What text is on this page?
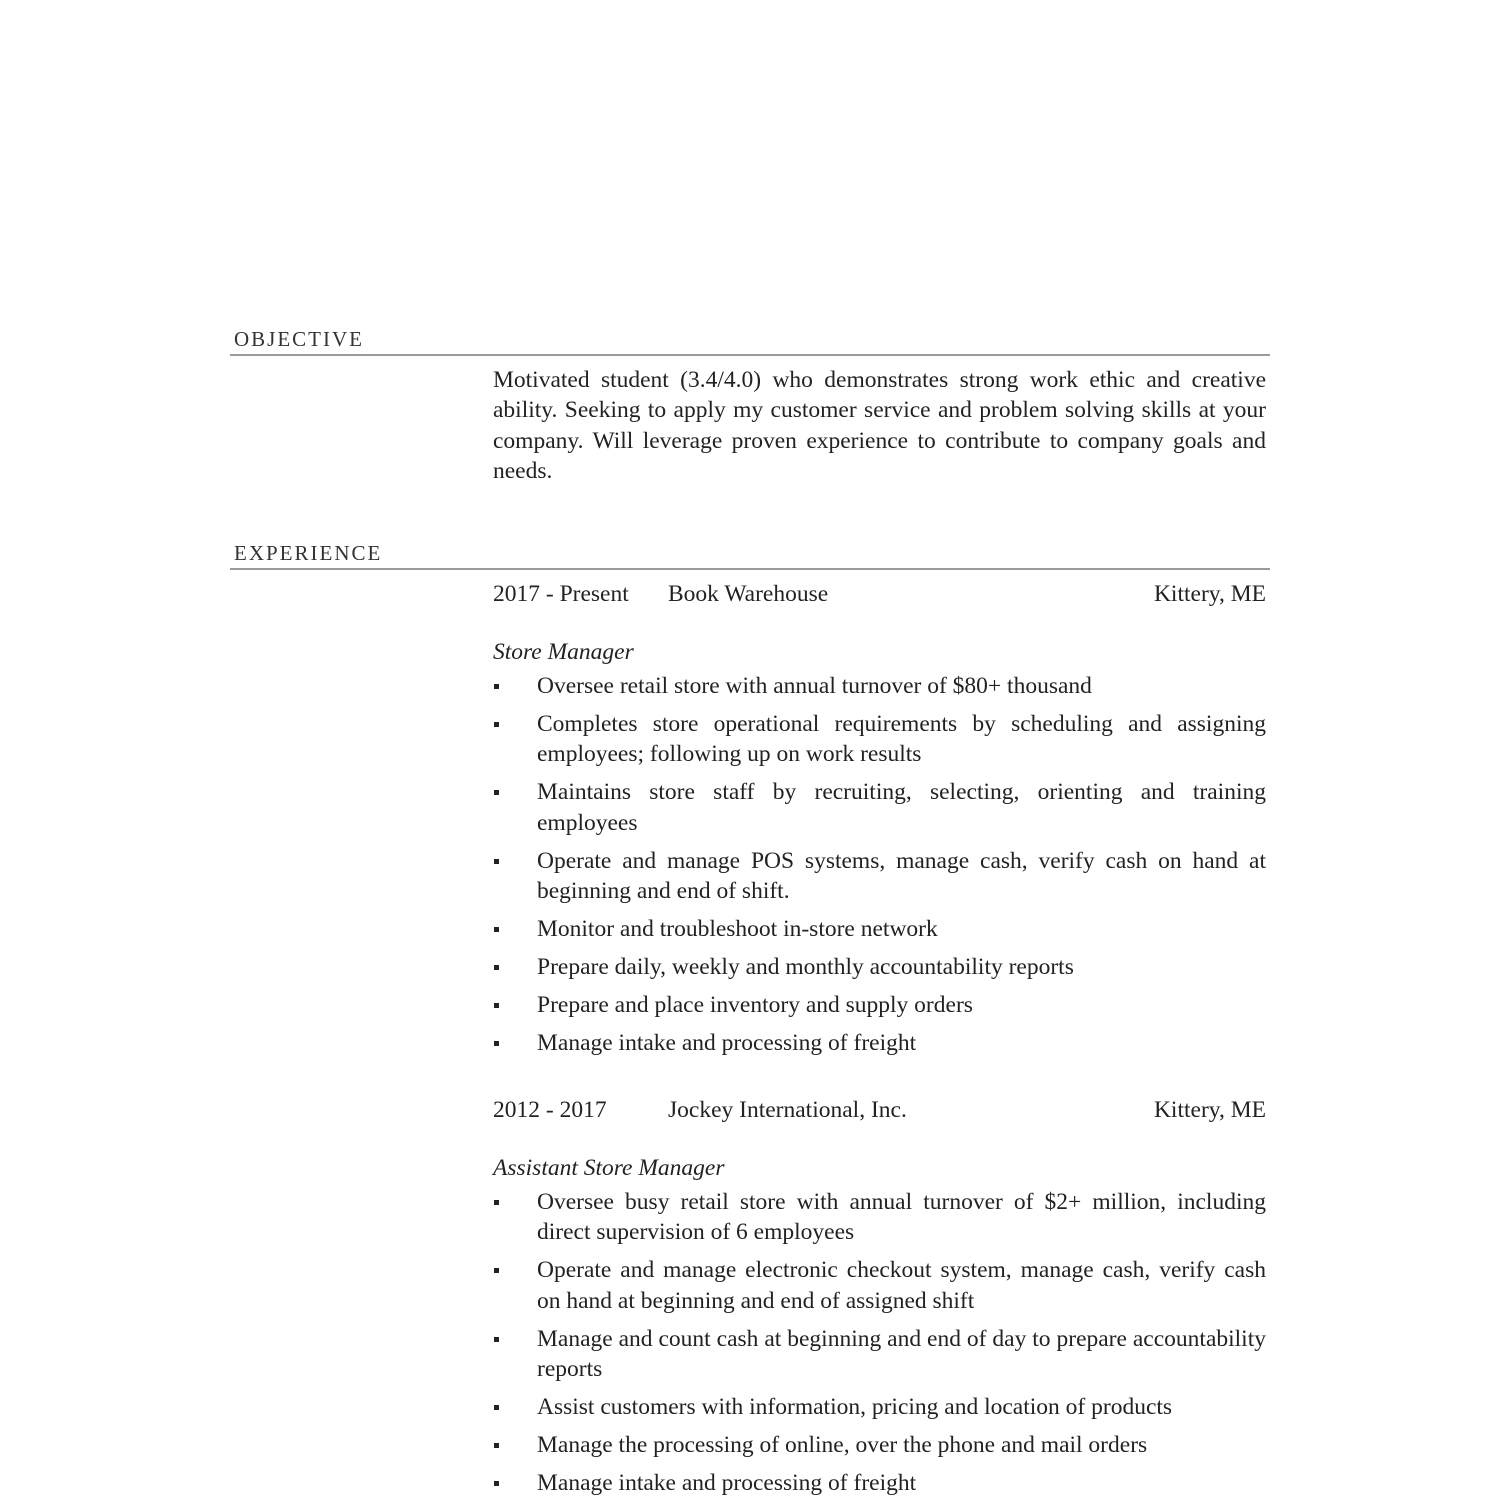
OBJECTIVE

Motivated student (3.4/4.0) who demonstrates strong work ethic and creative ability. Seeking to apply my customer service and problem solving skills at your company. Will leverage proven experience to contribute to company goals and needs.

EXPERIENCE
2017 - Present Book Warehouse	Kittery, ME
Store Manager
Oversee retail store with annual turnover of $80+ thousand
Completes store operational requirements by scheduling and assigning employees; following up on work results
Maintains store staff by recruiting, selecting, orienting and training employees
Operate and manage POS systems, manage cash, verify cash on hand at beginning and end of shift.
Monitor and troubleshoot in-store network
Prepare daily, weekly and monthly accountability reports
Prepare and place inventory and supply orders
Manage intake and processing of freight
2012 - 2017	Jockey International, Inc.	Kittery, ME
Assistant Store Manager
Oversee busy retail store with annual turnover of $2+ million, including direct supervision of 6 employees
Operate and manage electronic checkout system, manage cash, verify cash on hand at beginning and end of assigned shift
Manage and count cash at beginning and end of day to prepare accountability reports
Assist customers with information, pricing and location of products
Manage the processing of online, over the phone and mail orders
Manage intake and processing of freight
